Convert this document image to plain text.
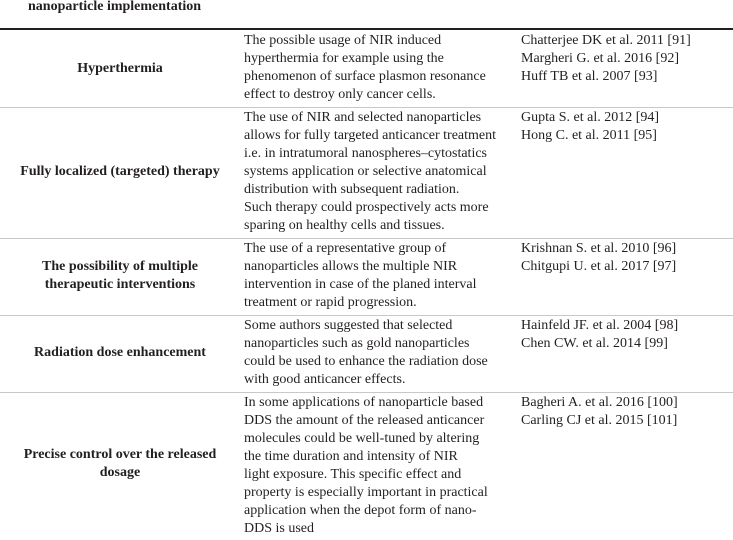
nanoparticle implementation
Hyperthermia
The possible usage of NIR induced
hyperthermia for example using the
phenomenon of surface plasmon resonance
effect to destroy only cancer cells.
Chatterjee DK et al. 2011 [91]
Margheri G. et al. 2016 [92]
Huff TB et al. 2007 [93]
Fully localized (targeted) therapy
The use of NIR and selected nanoparticles
allows for fully targeted anticancer treatment
i.e. in intratumoral nanospheres–cytostatics
systems application or selective anatomical
distribution with subsequent radiation.
Such therapy could prospectively acts more
sparing on healthy cells and tissues.
Gupta S. et al. 2012 [94]
Hong C. et al. 2011 [95]
The possibility of multiple
therapeutic interventions
The use of a representative group of
nanoparticles allows the multiple NIR
intervention in case of the planed interval
treatment or rapid progression.
Krishnan S. et al. 2010 [96]
Chitgupi U. et al. 2017 [97]
Radiation dose enhancement
Some authors suggested that selected
nanoparticles such as gold nanoparticles
could be used to enhance the radiation dose
with good anticancer effects.
Hainfeld JF. et al. 2004 [98]
Chen CW. et al. 2014 [99]
Precise control over the released
dosage
In some applications of nanoparticle based
DDS the amount of the released anticancer
molecules could be well-tuned by altering
the time duration and intensity of NIR
light exposure. This specific effect and
property is especially important in practical
application when the depot form of nano-
DDS is used
Bagheri A. et al. 2016 [100]
Carling CJ et al. 2015 [101]
